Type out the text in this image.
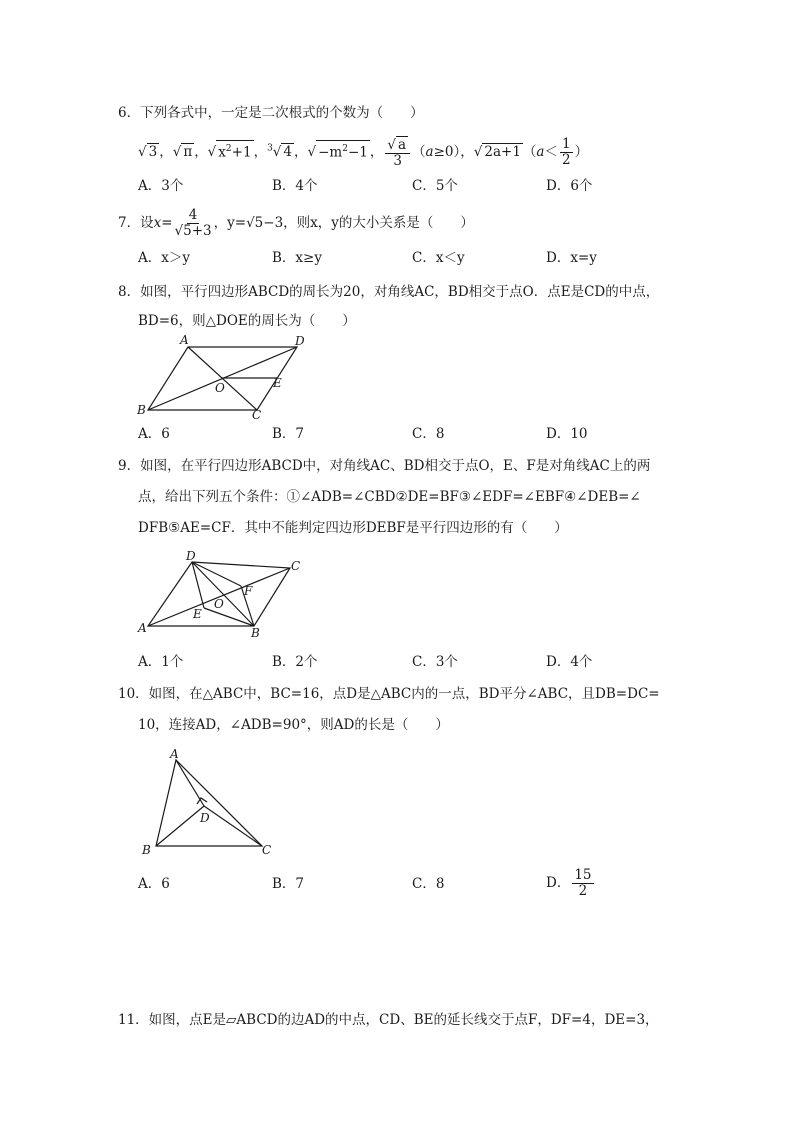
6．下列各式中，一定是二次根式的个数为（　　）
√ 3 ，√ π ，√ $x^2+1$ ，$^3$√ 4 ，√ $-m^2-1$ ， $\frac{√ a}{3} (a\ge 0)$，√ 2a+1 （$a< \frac{1}{2}$ ）
A．3个	B．4个	C．5个	D．6个
7．设$x= \frac{4}{√5+3}$ ，y=√5−3，则x，y的大小关系是（　　）
A．x＞y	B．x≥y	C．x＜y	D．x=y
8．如图，平行四边形ABCD的周长为20，对角线AC，BD相交于点O．点E是CD的中点，
BD=6，则△DOE的周长为（　　）
A	D
O	E
B	C
A．6	B．7	C．8	D．10
9．如图，在平行四边形ABCD中，对角线AC、BD相交于点O，E、F是对角线AC上的两
点，给出下列五个条件：①∠ADB=∠CBD②DE=BF③∠EDF=∠EBF④∠DEB=∠
DFB⑤AE=CF．其中不能判定四边形DEBF是平行四边形的有（　　）
D
C
F
O
E
A	B
A．1个	B．2个	C．3个	D．4个
10．如图，在△ABC中，BC=16，点D是△ABC内的一点，BD平分∠ABC，且DB=DC=
10，连接AD，∠ADB=90°，则AD的长是（　　）
A
D
B	C
A．6	B．7	C．8	D． $\frac{15}{2}$
11．如图，点E是▱ABCD的边AD的中点，CD、BE的延长线交于点F，DF=4，DE=3，
